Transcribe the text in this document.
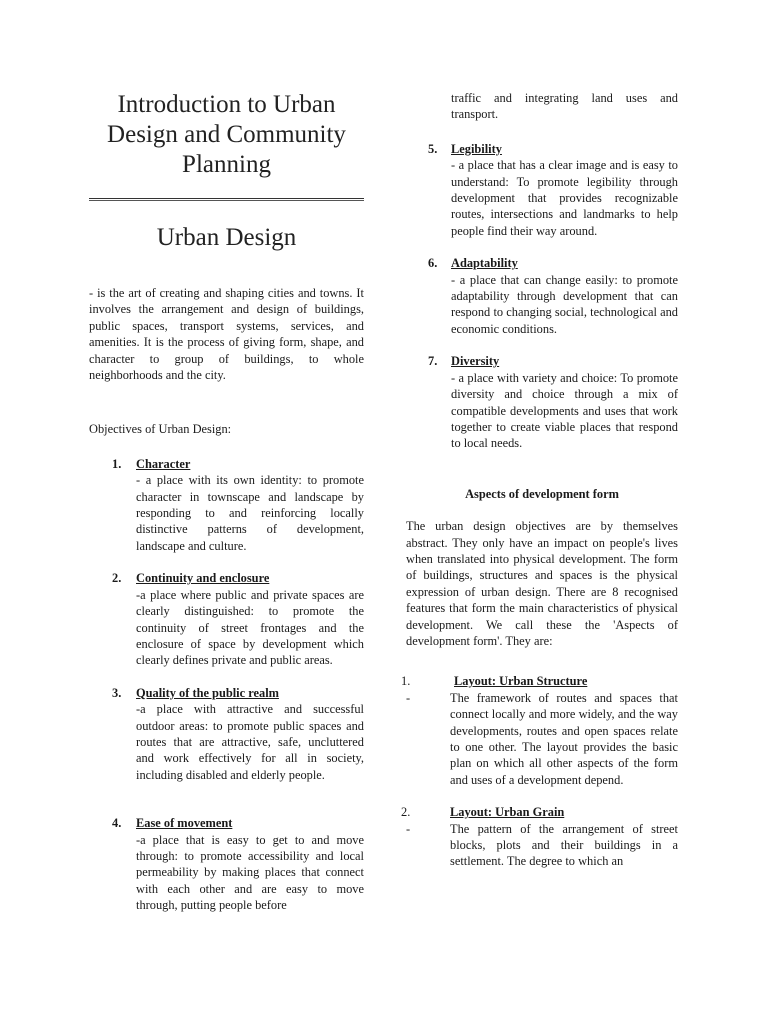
Introduction to Urban Design and Community Planning
Urban Design

- is the art of creating and shaping cities and towns. It involves the arrangement and design of buildings, public spaces, transport systems, services, and amenities. It is the process of giving form, shape, and character to group of buildings, to whole neighborhoods and the city.

Objectives of Urban Design:

1. Character

- a place with its own identity: to promote character in townscape and landscape by responding to and reinforcing locally distinctive patterns of development, landscape and culture.

2. Continuity and enclosure

-a place where public and private spaces are clearly distinguished: to promote the continuity of street frontages and the enclosure of space by development which clearly defines private and public areas.

3. Quality of the public realm

-a place with attractive and successful outdoor areas: to promote public spaces and routes that are attractive, safe, uncluttered and work effectively for all in society, including disabled and elderly people.

4. Ease of movement

-a place that is easy to get to and move through: to promote accessibility and local permeability by making places that connect with each other and are easy to move through, putting people before

traffic and integrating land uses and transport.

5. Legibility

- a place that has a clear image and is easy to understand: To promote legibility through development that provides recognizable routes, intersections and landmarks to help people find their way around.

6. Adaptability

- a place that can change easily: to promote adaptability through development that can respond to changing social, technological and economic conditions.

7. Diversity

- a place with variety and choice: To promote diversity and choice through a mix of compatible developments and uses that work together to create viable places that respond to local needs.

Aspects of development form

The urban design objectives are by themselves abstract. They only have an impact on people's lives when translated into physical development. The form of buildings, structures and spaces is the physical expression of urban design. There are 8 recognised features that form the main characteristics of physical development. We call these the 'Aspects of development form'. They are:

1.	Layout: Urban Structure
-	The framework of routes and spaces that connect locally and more widely, and the way developments, routes and open spaces relate to one other. The layout provides the basic plan on which all other aspects of the form and uses of a development depend.

2.	Layout: Urban Grain
-	The pattern of the arrangement of street blocks, plots and their buildings in a settlement. The degree to which an
